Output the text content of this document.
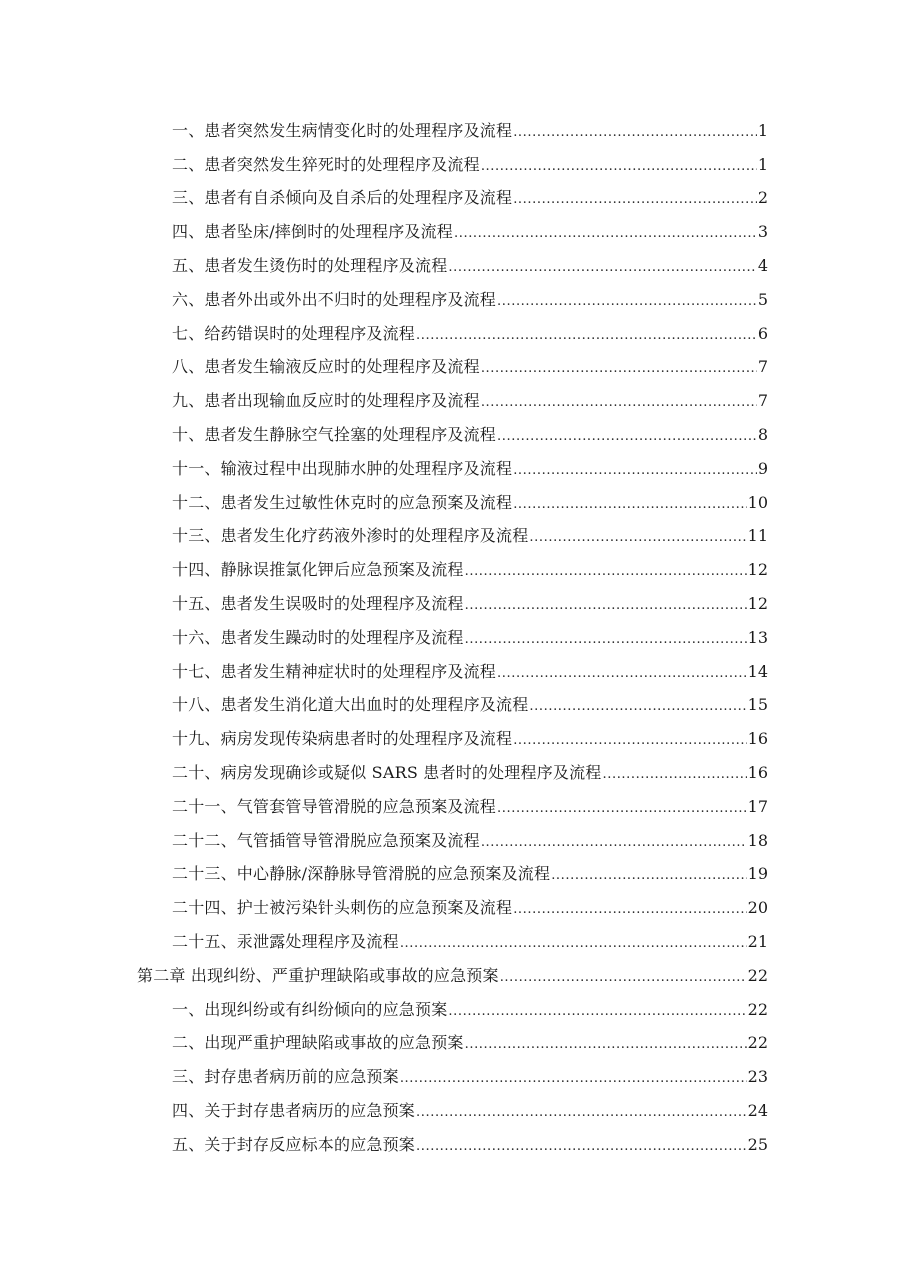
一、患者突然发生病情变化时的处理程序及流程 .....	1
二、患者突然发生猝死时的处理程序及流程 .....	1
三、患者有自杀倾向及自杀后的处理程序及流程 .....	2
四、患者坠床/摔倒时的处理程序及流程 .....	3
五、患者发生烫伤时的处理程序及流程 .....	4
六、患者外出或外出不归时的处理程序及流程 .....	5
七、给药错误时的处理程序及流程 .....	6
八、患者发生输液反应时的处理程序及流程 .....	7
九、患者出现输血反应时的处理程序及流程 .....	7
十、患者发生静脉空气拴塞的处理程序及流程 .....	8
十一、输液过程中出现肺水肿的处理程序及流程 .....	9
十二、患者发生过敏性休克时的应急预案及流程 .....	10
十三、患者发生化疗药液外渗时的处理程序及流程 .....	11
十四、静脉误推氯化钾后应急预案及流程 .....	12
十五、患者发生误吸时的处理程序及流程 .....	12
十六、患者发生躁动时的处理程序及流程 .....	13
十七、患者发生精神症状时的处理程序及流程 .....	14
十八、患者发生消化道大出血时的处理程序及流程 .....	15
十九、病房发现传染病患者时的处理程序及流程 .....	16
二十、病房发现确诊或疑似 SARS 患者时的处理程序及流程 .....	16
二十一、气管套管导管滑脱的应急预案及流程 .....	17
二十二、气管插管导管滑脱应急预案及流程 .....	18
二十三、中心静脉/深静脉导管滑脱的应急预案及流程 .....	19
二十四、护士被污染针头刺伤的应急预案及流程 .....	20
二十五、汞泄露处理程序及流程 .....	21
第二章 出现纠纷、严重护理缺陷或事故的应急预案 .....	22
一、出现纠纷或有纠纷倾向的应急预案 .....	22
二、出现严重护理缺陷或事故的应急预案 .....	22
三、封存患者病历前的应急预案 .....	23
四、关于封存患者病历的应急预案 .....	24
五、关于封存反应标本的应急预案 .....	25
